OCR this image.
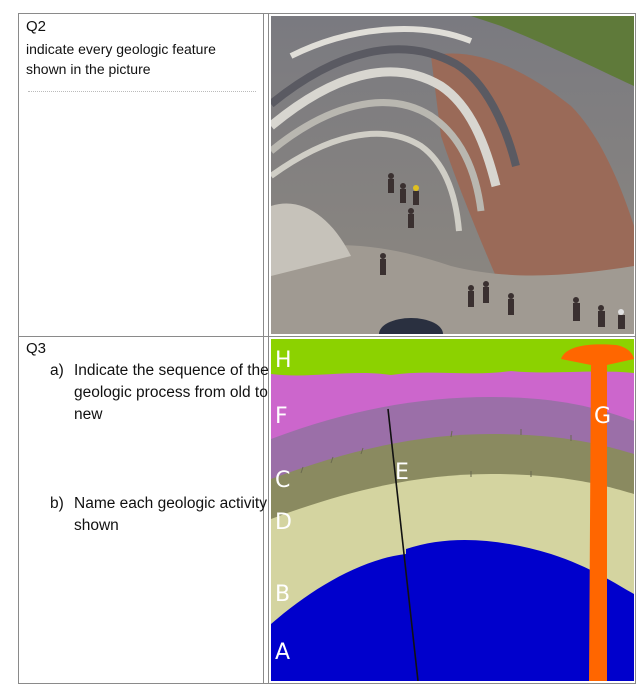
Q2
indicate every geologic feature shown in the picture
Q3
a) Indicate the sequence of the geologic process from old to new
b) Name each geologic activity shown
H
F
E
C
D
B
A
G
